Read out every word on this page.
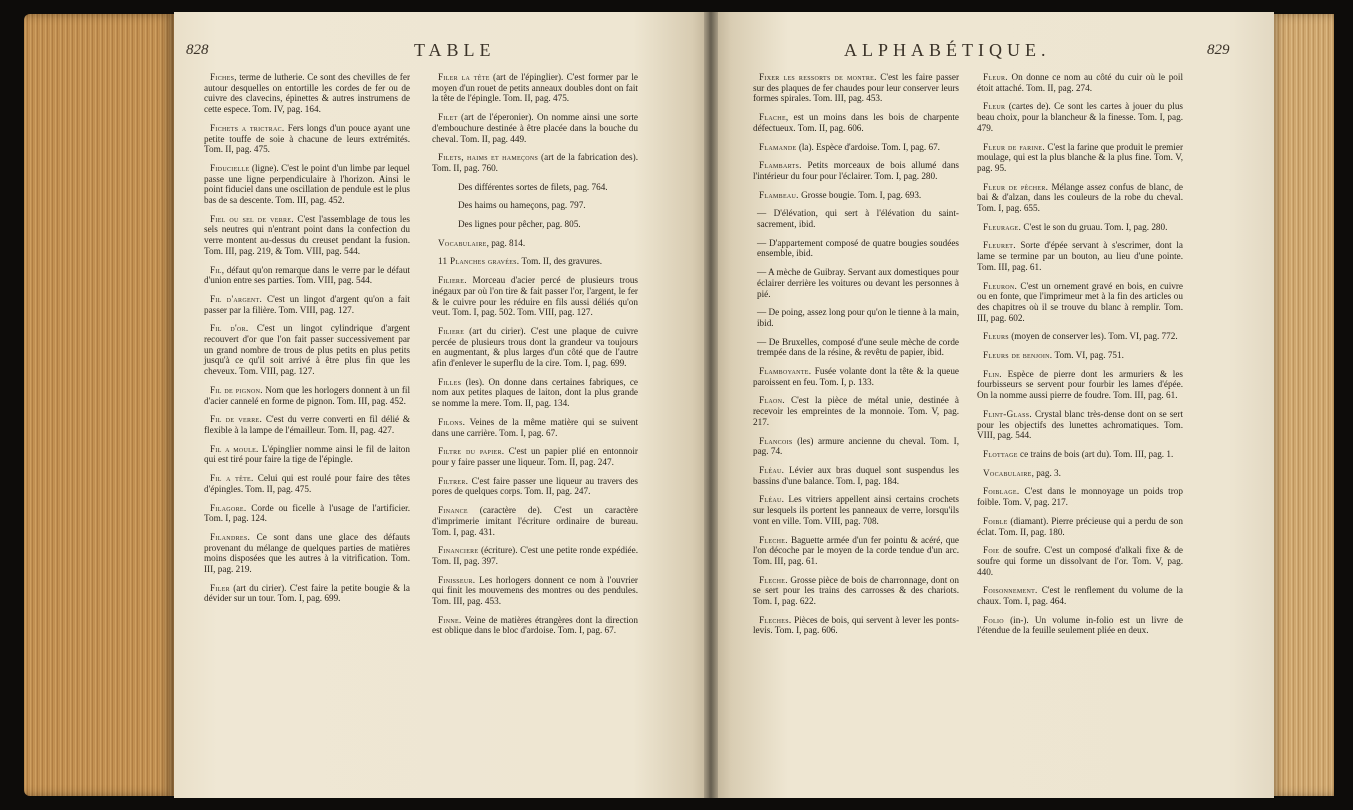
828	TABLE

Fiches, terme de lutherie. Ce sont des chevilles de fer autour desquelles on entortille les cordes de fer ou de cuivre des clavecins, épinettes & autres instrumens de cette espece. Tom. IV, pag. 164.

Fichets a trictrac. Fers longs d'un pouce ayant une petite touffe de soie à chacune de leurs extrémités. Tom. II, pag. 475.

Fiducielle (ligne). C'est le point d'un limbe par lequel passe une ligne perpendiculaire à l'horizon. Ainsi le point fiduciel dans une oscillation de pendule est le plus bas de sa descente. Tom. III, pag. 452.

Fiel ou sel de verre. C'est l'assemblage de tous les sels neutres qui n'entrant point dans la confection du verre montent au-dessus du creuset pendant la fusion. Tom. III, pag. 219, & Tom. VIII, pag. 544.

Fil, défaut qu'on remarque dans le verre par le défaut d'union entre ses parties. Tom. VIII, pag. 544.

Fil d'argent. C'est un lingot d'argent qu'on a fait passer par la filière. Tom. VIII, pag. 127.

Fil d'or. C'est un lingot cylindrique d'argent recouvert d'or que l'on fait passer successivement par un grand nombre de trous de plus petits en plus petits jusqu'à ce qu'il soit arrivé à être plus fin que les cheveux. Tom. VIII, pag. 127.

Fil de pignon. Nom que les horlogers donnent à un fil d'acier cannelé en forme de pignon. Tom. III, pag. 452.

Fil de verre. C'est du verre converti en fil délié & flexible à la lampe de l'émailleur. Tom. II, pag. 427.

Fil a moule. L'épinglier nomme ainsi le fil de laiton qui est tiré pour faire la tige de l'épingle.

Fil a tête. Celui qui est roulé pour faire des têtes d'épingles. Tom. II, pag. 475.

Filagore. Corde ou ficelle à l'usage de l'artificier. Tom. I, pag. 124.

Filandres. Ce sont dans une glace des défauts provenant du mélange de quelques parties de matières moins disposées que les autres à la vitrification. Tom. III, pag. 219.

Filer (art du cirier). C'est faire la petite bougie & la dévider sur un tour. Tom. I, pag. 699.

Filer la tête (art de l'épinglier). C'est former par le moyen d'un rouet de petits anneaux doubles dont on fait la tête de l'épingle. Tom. II, pag. 475.

Filet (art de l'éperonier). On nomme ainsi une sorte d'embouchure destinée à être placée dans la bouche du cheval. Tom. II, pag. 449.

Filets, haims et hameçons (art de la fabrication des). Tom. II, pag. 760.

Des différentes sortes de filets, pag. 764.

Des haims ou hameçons, pag. 797.

Des lignes pour pêcher, pag. 805.

Vocabulaire, pag. 814.

11 Planches gravées. Tom. II, des gravures.

Filiere. Morceau d'acier percé de plusieurs trous inégaux par où l'on tire & fait passer l'or, l'argent, le fer & le cuivre pour les réduire en fils aussi déliés qu'on veut. Tom. I, pag. 502. Tom. VIII, pag. 127.

Filiere (art du cirier). C'est une plaque de cuivre percée de plusieurs trous dont la grandeur va toujours en augmentant, & plus larges d'un côté que de l'autre afin d'enlever le superflu de la cire. Tom. I, pag. 699.

Filles (les). On donne dans certaines fabriques, ce nom aux petites plaques de laiton, dont la plus grande se nomme la mere. Tom. II, pag. 134.

Filons. Veines de la même matière qui se suivent dans une carrière. Tom. I, pag. 67.

Filtre du papier. C'est un papier plié en entonnoir pour y faire passer une liqueur. Tom. II, pag. 247.

Filtrer. C'est faire passer une liqueur au travers des pores de quelques corps. Tom. II, pag. 247.

Finance (caractère de). C'est un caractère d'imprimerie imitant l'écriture ordinaire de bureau. Tom. I, pag. 431.

Financiere (écriture). C'est une petite ronde expédiée. Tom. II, pag. 397.

Finisseur. Les horlogers donnent ce nom à l'ouvrier qui finit les mouvemens des montres ou des pendules. Tom. III, pag. 453.

Finne. Veine de matières étrangères dont la direction est oblique dans le bloc d'ardoise. Tom. I, pag. 67.

ALPHABÉTIQUE.	829

Fixer les ressorts de montre. C'est les faire passer sur des plaques de fer chaudes pour leur conserver leurs formes spirales. Tom. III, pag. 453.

Flache, est un moins dans les bois de charpente défectueux. Tom. II, pag. 606.

Flamande (la). Espèce d'ardoise. Tom. I, pag. 67.

Flambarts. Petits morceaux de bois allumé dans l'intérieur du four pour l'éclairer. Tom. I, pag. 280.

Flambeau. Grosse bougie. Tom. I, pag. 693.

— D'élévation, qui sert à l'élévation du saint-sacrement, ibid.

— D'appartement composé de quatre bougies soudées ensemble, ibid.

— A mèche de Guibray. Servant aux domestiques pour éclairer derrière les voitures ou devant les personnes à pié.

— De poing, assez long pour qu'on le tienne à la main, ibid.

— De Bruxelles, composé d'une seule mèche de corde trempée dans de la résine, & revêtu de papier, ibid.

Flamboyante. Fusée volante dont la tête & la queue paroissent en feu. Tom. I, p. 133.

Flaon. C'est la pièce de métal unie, destinée à recevoir les empreintes de la monnoie. Tom. V, pag. 217.

Flancois (les) armure ancienne du cheval. Tom. I, pag. 74.

Fléau. Lévier aux bras duquel sont suspendus les bassins d'une balance. Tom. I, pag. 184.

Fléau. Les vitriers appellent ainsi certains crochets sur lesquels ils portent les panneaux de verre, lorsqu'ils vont en ville. Tom. VIII, pag. 708.

Fleche. Baguette armée d'un fer pointu & acéré, que l'on décoche par le moyen de la corde tendue d'un arc. Tom. III, pag. 61.

Fleche. Grosse pièce de bois de charronnage, dont on se sert pour les trains des carrosses & des chariots. Tom. I, pag. 622.

Fleches. Pièces de bois, qui servent à lever les ponts-levis. Tom. I, pag. 606.

Fleur. On donne ce nom au côté du cuir où le poil étoit attaché. Tom. II, pag. 274.

Fleur (cartes de). Ce sont les cartes à jouer du plus beau choix, pour la blancheur & la finesse. Tom. I, pag. 479.

Fleur de farine. C'est la farine que produit le premier moulage, qui est la plus blanche & la plus fine. Tom. V, pag. 95.

Fleur de pêcher. Mélange assez confus de blanc, de bai & d'alzan, dans les couleurs de la robe du cheval. Tom. I, pag. 655.

Fleurage. C'est le son du gruau. Tom. I, pag. 280.

Fleuret. Sorte d'épée servant à s'escrimer, dont la lame se termine par un bouton, au lieu d'une pointe. Tom. III, pag. 61.

Fleuron. C'est un ornement gravé en bois, en cuivre ou en fonte, que l'imprimeur met à la fin des articles ou des chapitres où il se trouve du blanc à remplir. Tom. III, pag. 602.

Fleurs (moyen de conserver les). Tom. VI, pag. 772.

Fleurs de benjoin. Tom. VI, pag. 751.

Flin. Espèce de pierre dont les armuriers & les fourbisseurs se servent pour fourbir les lames d'épée. On la nomme aussi pierre de foudre. Tom. III, pag. 61.

Flint-Glass. Crystal blanc très-dense dont on se sert pour les objectifs des lunettes achromatiques. Tom. VIII, pag. 544.

Flottage ce trains de bois (art du). Tom. III, pag. 1.

Vocabulaire, pag. 3.

Foiblage. C'est dans le monnoyage un poids trop foible. Tom. V, pag. 217.

Foible (diamant). Pierre précieuse qui a perdu de son éclat. Tom. II, pag. 180.

Foie de soufre. C'est un composé d'alkali fixe & de soufre qui forme un dissolvant de l'or. Tom. V, pag. 440.

Foisonnement. C'est le renflement du volume de la chaux. Tom. I, pag. 464.

Folio (in-). Un volume in-folio est un livre de l'étendue de la feuille seulement pliée en deux.
